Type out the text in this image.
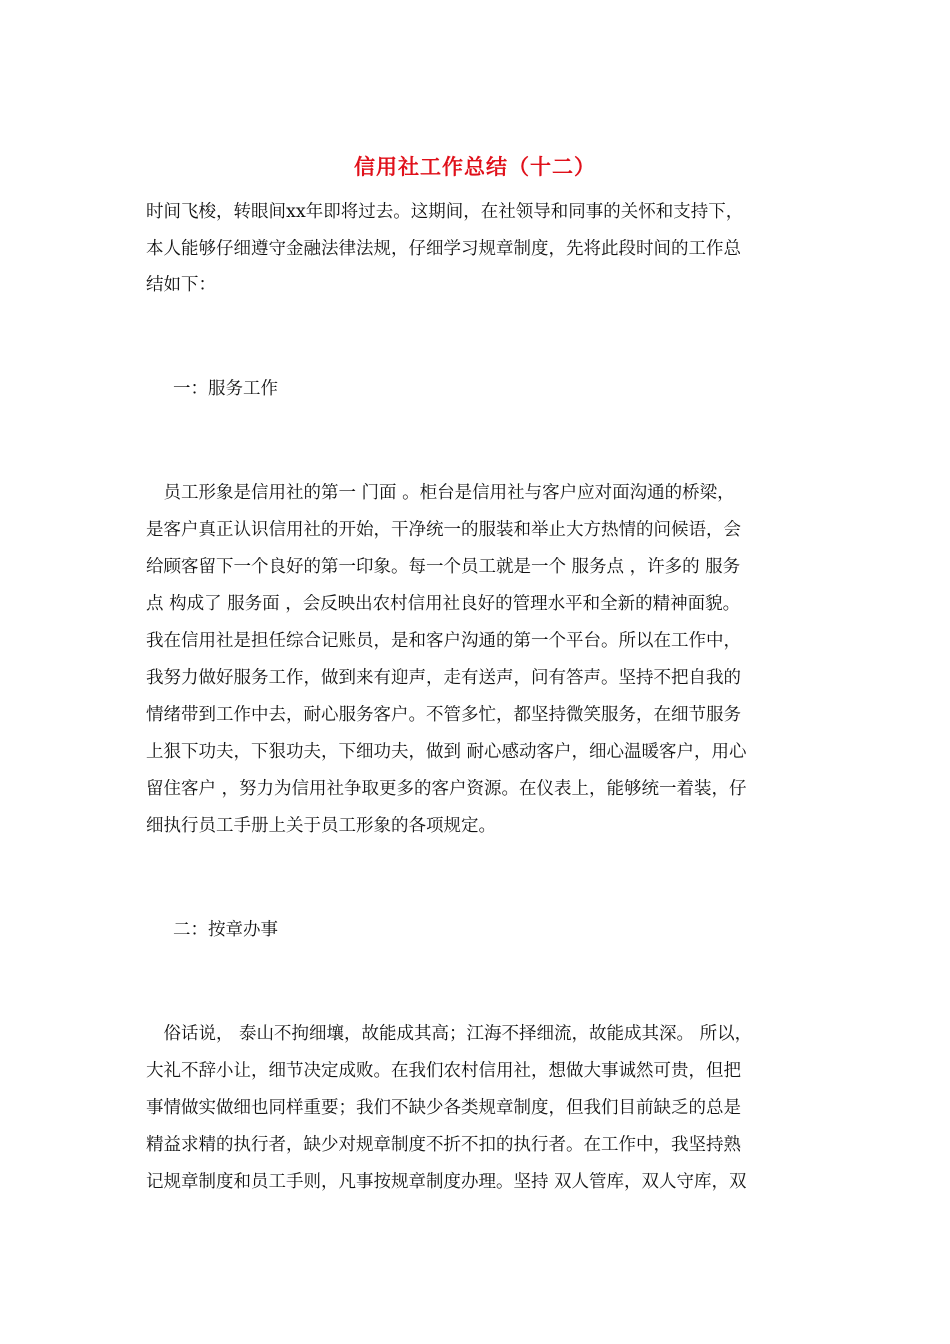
信用社工作总结（十二）
时间飞梭，转眼间xx年即将过去。这期间，在社领导和同事的关怀和支持下，
本人能够仔细遵守金融法律法规，仔细学习规章制度，先将此段时间的工作总
结如下：
一：服务工作
　员工形象是信用社的第一 门面 。柜台是信用社与客户应对面沟通的桥梁，
是客户真正认识信用社的开始，干净统一的服装和举止大方热情的问候语，会
给顾客留下一个良好的第一印象。每一个员工就是一个 服务点 ，许多的 服务
点 构成了 服务面 ，会反映出农村信用社良好的管理水平和全新的精神面貌。
我在信用社是担任综合记账员，是和客户沟通的第一个平台。所以在工作中，
我努力做好服务工作，做到来有迎声，走有送声，问有答声。坚持不把自我的
情绪带到工作中去，耐心服务客户。不管多忙，都坚持微笑服务，在细节服务
上狠下功夫，下狠功夫，下细功夫，做到 耐心感动客户，细心温暖客户，用心
留住客户 ，努力为信用社争取更多的客户资源。在仪表上，能够统一着装，仔
细执行员工手册上关于员工形象的各项规定。
二：按章办事
　俗话说， 泰山不拘细壤，故能成其高；江海不择细流，故能成其深。 所以，
大礼不辞小让，细节决定成败。在我们农村信用社，想做大事诚然可贵，但把
事情做实做细也同样重要；我们不缺少各类规章制度，但我们目前缺乏的总是
精益求精的执行者，缺少对规章制度不折不扣的执行者。在工作中，我坚持熟
记规章制度和员工手则，凡事按规章制度办理。坚持 双人管库，双人守库，双
